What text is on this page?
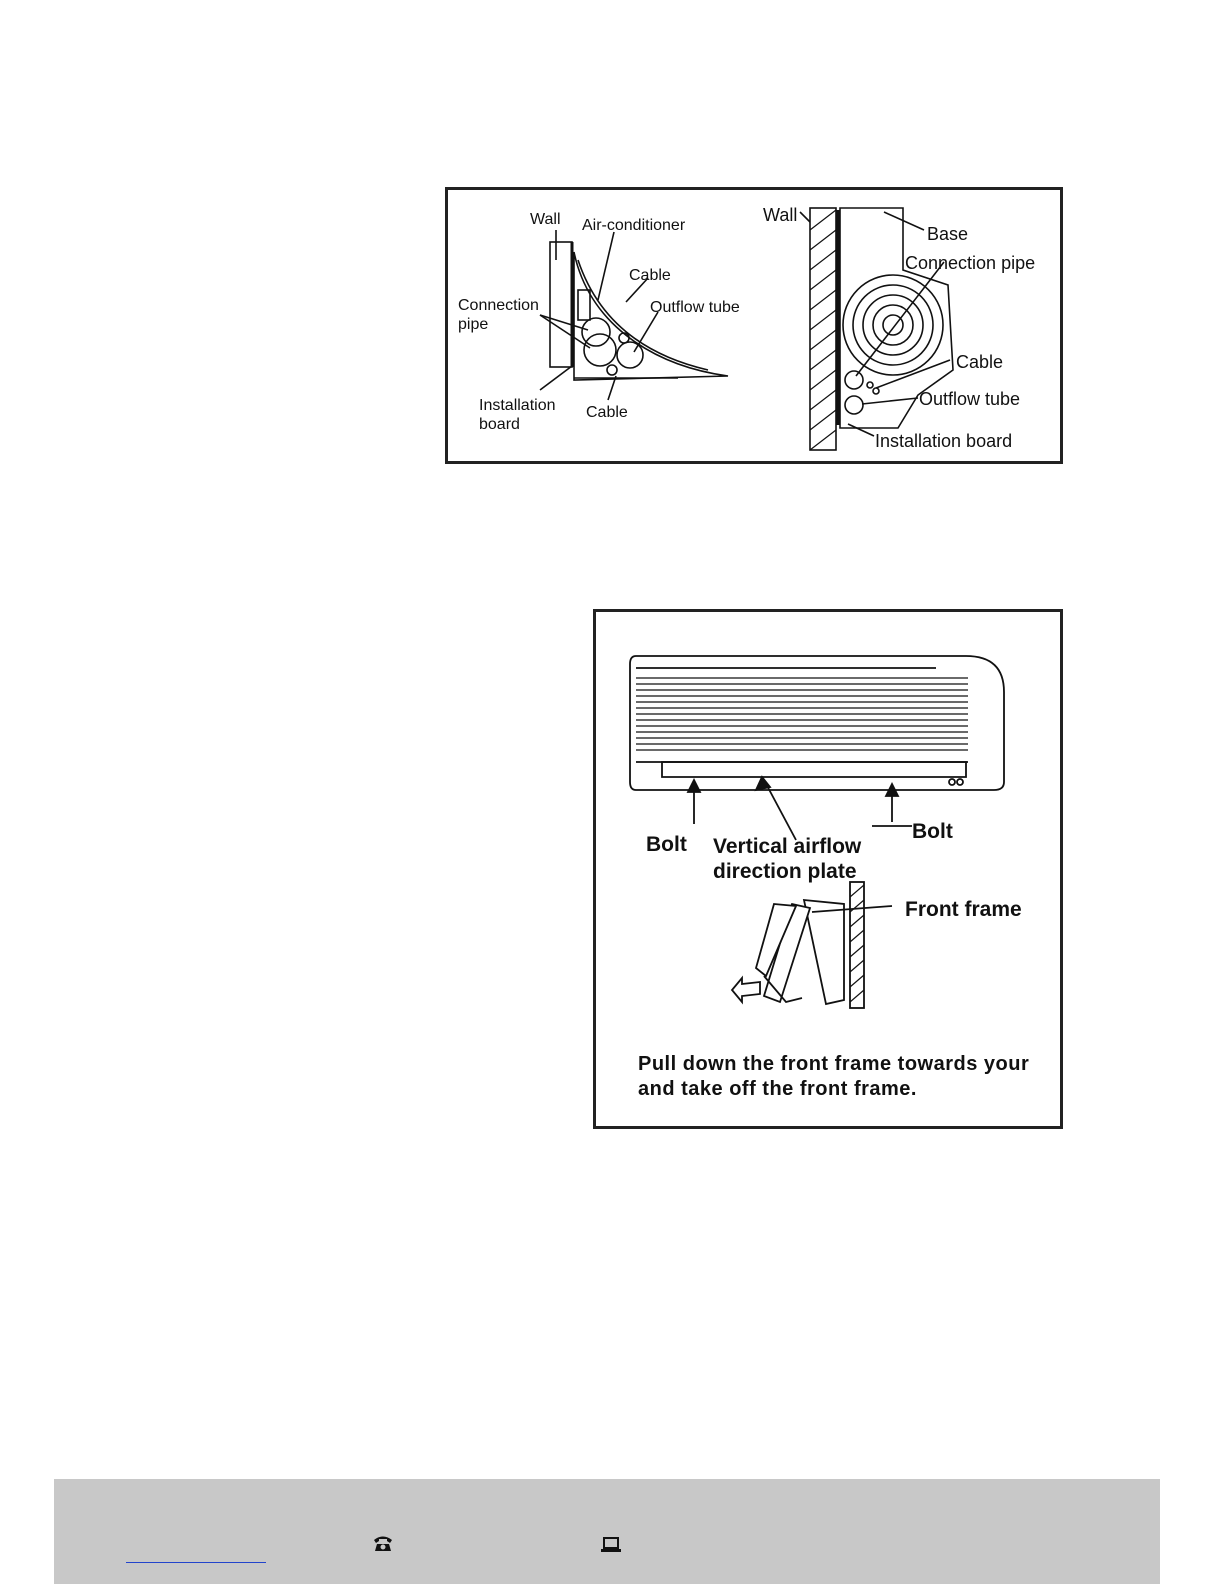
Wall Air-conditioner
Cable
Connection
pipe
Outflow tube
Installation
board
Cable
Wall
Base
Connection pipe
Cable
Outflow tube
Installation board
Bolt
Bolt
Vertical airflow
direction plate
Front frame
Pull down the front frame towards your
and take off the front frame.
